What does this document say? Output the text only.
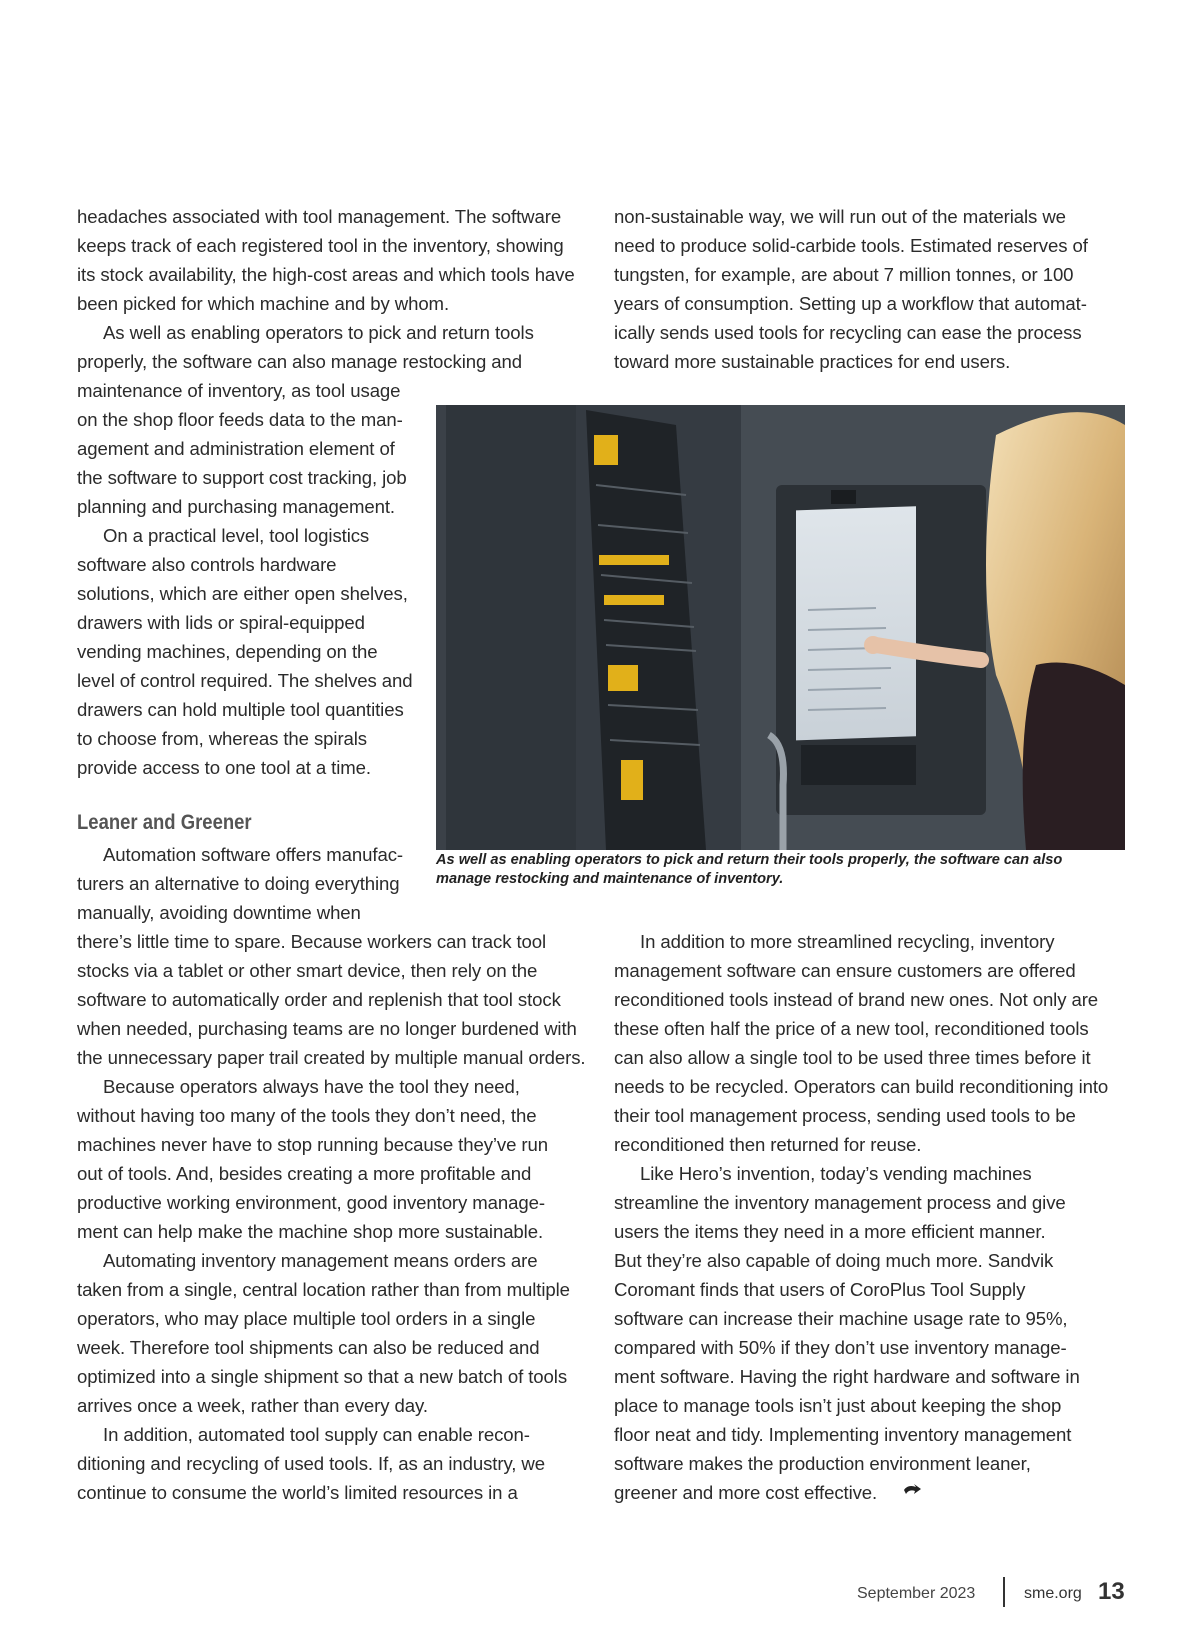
headaches associated with tool management. The software
keeps track of each registered tool in the inventory, showing
its stock availability, the high-cost areas and which tools have
been picked for which machine and by whom.
As well as enabling operators to pick and return tools
properly, the software can also manage restocking and
maintenance of inventory, as tool usage
on the shop floor feeds data to the man-
agement and administration element of
the software to support cost tracking, job
planning and purchasing management.
On a practical level, tool logistics
software also controls hardware
solutions, which are either open shelves,
drawers with lids or spiral-equipped
vending machines, depending on the
level of control required. The shelves and
drawers can hold multiple tool quantities
to choose from, whereas the spirals
provide access to one tool at a time.
Leaner and Greener
Automation software offers manufac-
turers an alternative to doing everything
manually, avoiding downtime when
there’s little time to spare. Because workers can track tool
stocks via a tablet or other smart device, then rely on the
software to automatically order and replenish that tool stock
when needed, purchasing teams are no longer burdened with
the unnecessary paper trail created by multiple manual orders.
Because operators always have the tool they need,
without having too many of the tools they don’t need, the
machines never have to stop running because they’ve run
out of tools. And, besides creating a more profitable and
productive working environment, good inventory manage-
ment can help make the machine shop more sustainable.
Automating inventory management means orders are
taken from a single, central location rather than from multiple
operators, who may place multiple tool orders in a single
week. Therefore tool shipments can also be reduced and
optimized into a single shipment so that a new batch of tools
arrives once a week, rather than every day.
In addition, automated tool supply can enable recon-
ditioning and recycling of used tools. If, as an industry, we
continue to consume the world’s limited resources in a
non-sustainable way, we will run out of the materials we
need to produce solid-carbide tools. Estimated reserves of
tungsten, for example, are about 7 million tonnes, or 100
years of consumption. Setting up a workflow that automat-
ically sends used tools for recycling can ease the process
toward more sustainable practices for end users.
As well as enabling operators to pick and return their tools properly, the software can also
manage restocking and maintenance of inventory.
In addition to more streamlined recycling, inventory
management software can ensure customers are offered
reconditioned tools instead of brand new ones. Not only are
these often half the price of a new tool, reconditioned tools
can also allow a single tool to be used three times before it
needs to be recycled. Operators can build reconditioning into
their tool management process, sending used tools to be
reconditioned then returned for reuse.
Like Hero’s invention, today’s vending machines
streamline the inventory management process and give
users the items they need in a more efficient manner.
But they’re also capable of doing much more. Sandvik
Coromant finds that users of CoroPlus Tool Supply
software can increase their machine usage rate to 95%,
compared with 50% if they don’t use inventory manage-
ment software. Having the right hardware and software in
place to manage tools isn’t just about keeping the shop
floor neat and tidy. Implementing inventory management
software makes the production environment leaner,
greener and more cost effective.
September 2023	sme.org 13
